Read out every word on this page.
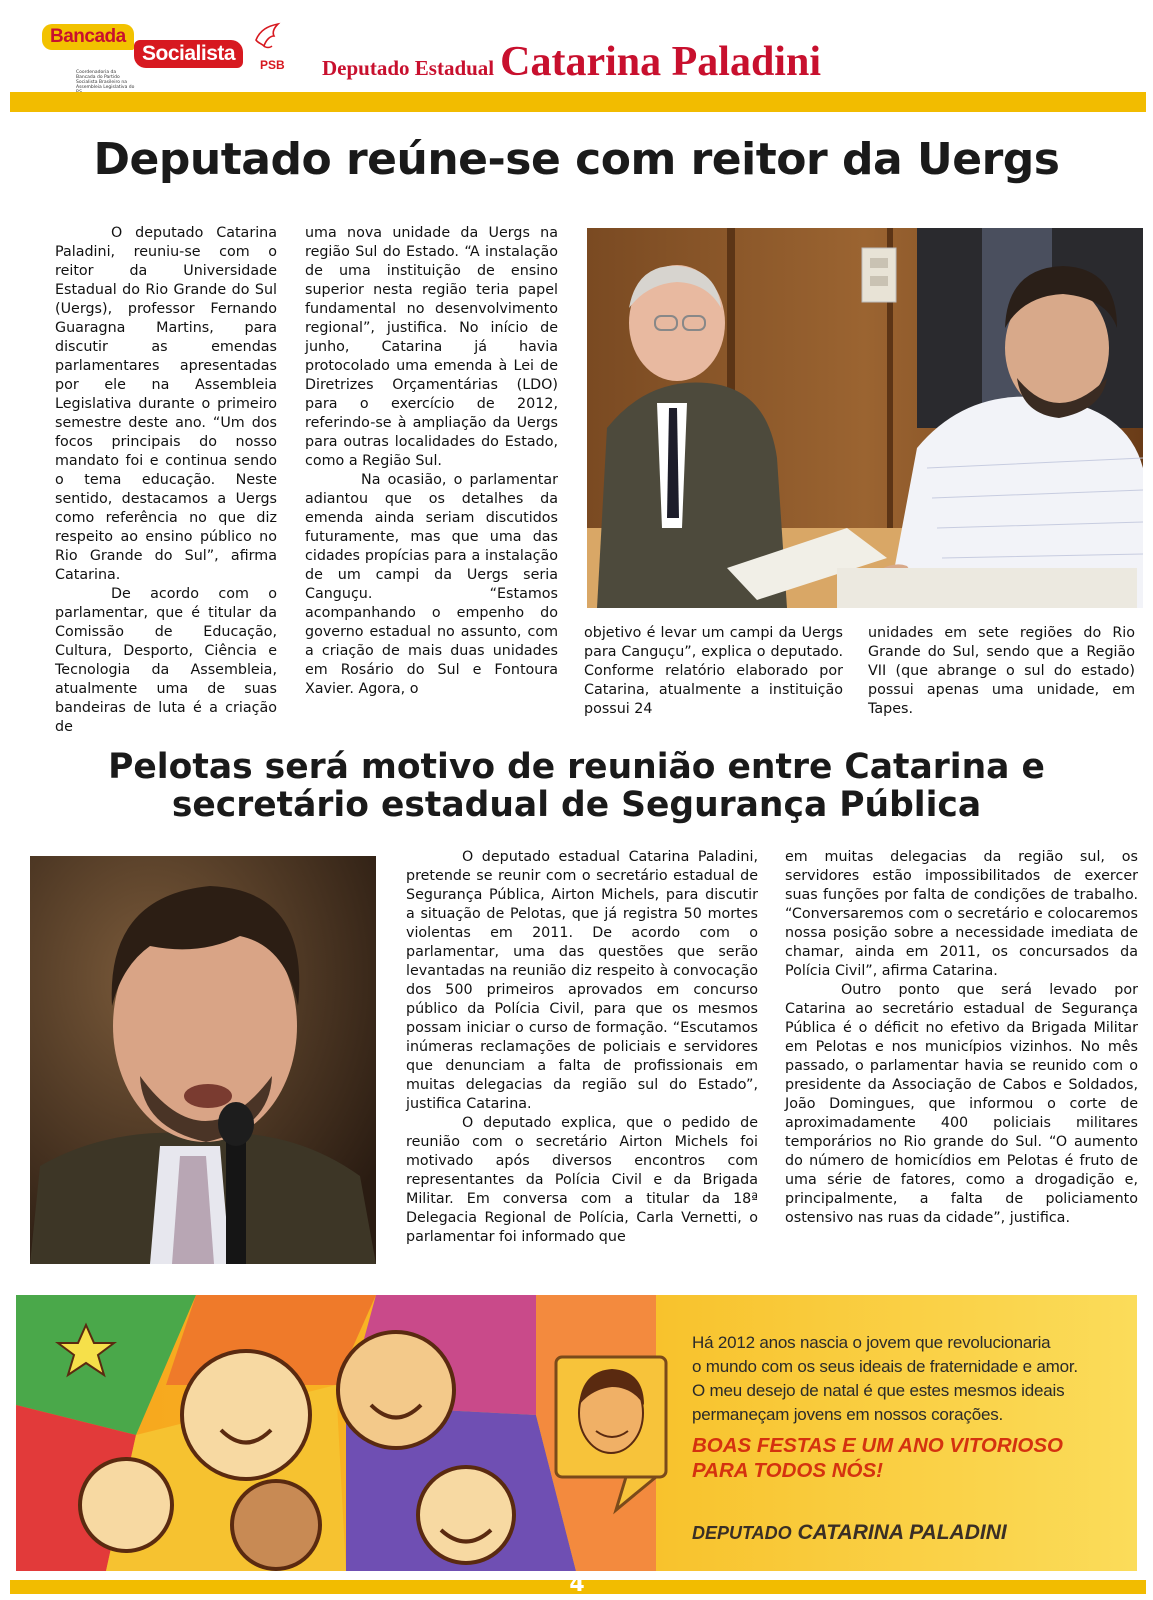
Bancada
Socialista
Coordenadoria da Bancada do Partido Socialista Brasileiro na Assembleia Legislativa do
PSB Deputado Estadual Catarina Paladini
Deputado reúne-se com reitor da Uergs

O deputado Catarina Paladini, reuniu-se com o reitor da Universidade Estadual do Rio Grande do Sul (Uergs), professor Fernando Guaragna Martins, para discutir as emendas parlamentares apresentadas por ele na Assembleia Legislativa durante o primeiro semestre deste ano. “Um dos focos principais do nosso mandato foi e continua sendo o tema educação. Neste sentido, destacamos a Uergs como referência no que diz respeito ao ensino público no Rio Grande do Sul”, afirma Catarina.

De acordo com o parlamentar, que é titular da Comissão de Educação, Cultura, Desporto, Ciência e Tecnologia da Assembleia, atualmente uma de suas bandeiras de luta é a criação de

uma nova unidade da Uergs na região Sul do Estado. “A instalação de uma instituição de ensino superior nesta região teria papel fundamental no desenvolvimento regional”, justifica. No início de junho, Catarina já havia protocolado uma emenda à Lei de Diretrizes Orçamentárias (LDO) para o exercício de 2012, referindo-se à ampliação da Uergs para outras localidades do Estado, como a Região Sul.

Na ocasião, o parlamentar adiantou que os detalhes da emenda ainda seriam discutidos futuramente, mas que uma das cidades propícias para a instalação de um campi da Uergs seria Canguçu. “Estamos acompanhando o empenho do governo estadual no assunto, com a criação de mais duas unidades em Rosário do Sul e Fontoura Xavier. Agora, o

objetivo é levar um campi da Uergs para Canguçu”, explica o deputado. Conforme relatório elaborado por Catarina, atualmente a instituição possui 24

unidades em sete regiões do Rio Grande do Sul, sendo que a Região VII (que abrange o sul do estado) possui apenas uma unidade, em Tapes.

Pelotas será motivo de reunião entre Catarina e
secretário estadual de Segurança Pública

O deputado estadual Catarina Paladini, pretende se reunir com o secretário estadual de Segurança Pública, Airton Michels, para discutir a situação de Pelotas, que já registra 50 mortes violentas em 2011. De acordo com o parlamentar, uma das questões que serão levantadas na reunião diz respeito à convocação dos 500 primeiros aprovados em concurso público da Polícia Civil, para que os mesmos possam iniciar o curso de formação. “Escutamos inúmeras reclamações de policiais e servidores que denunciam a falta de profissionais em muitas delegacias da região sul do Estado”, justifica Catarina.

O deputado explica, que o pedido de reunião com o secretário Airton Michels foi motivado após diversos encontros com representantes da Polícia Civil e da Brigada Militar. Em conversa com a titular da 18ª Delegacia Regional de Polícia, Carla Vernetti, o parlamentar foi informado que

em muitas delegacias da região sul, os servidores estão impossibilitados de exercer suas funções por falta de condições de trabalho. “Conversaremos com o secretário e colocaremos nossa posição sobre a necessidade imediata de chamar, ainda em 2011, os concursados da Polícia Civil”, afirma Catarina.

Outro ponto que será levado por Catarina ao secretário estadual de Segurança Pública é o déficit no efetivo da Brigada Militar em Pelotas e nos municípios vizinhos. No mês passado, o parlamentar havia se reunido com o presidente da Associação de Cabos e Soldados, João Domingues, que informou o corte de aproximadamente 400 policiais militares temporários no Rio grande do Sul. “O aumento do número de homicídios em Pelotas é fruto de uma série de fatores, como a drogadição e, principalmente, a falta de policiamento ostensivo nas ruas da cidade”, justifica.

Há 2012 anos nascia o jovem que revolucionaria
o mundo com os seus ideais de fraternidade e amor.
O meu desejo de natal é que estes mesmos ideais
permaneçam jovens em nossos corações.
BOAS FESTAS E UM ANO VITORIOSO
PARA TODOS NÓS!
DEPUTADO CATARINA PALADINI
4
